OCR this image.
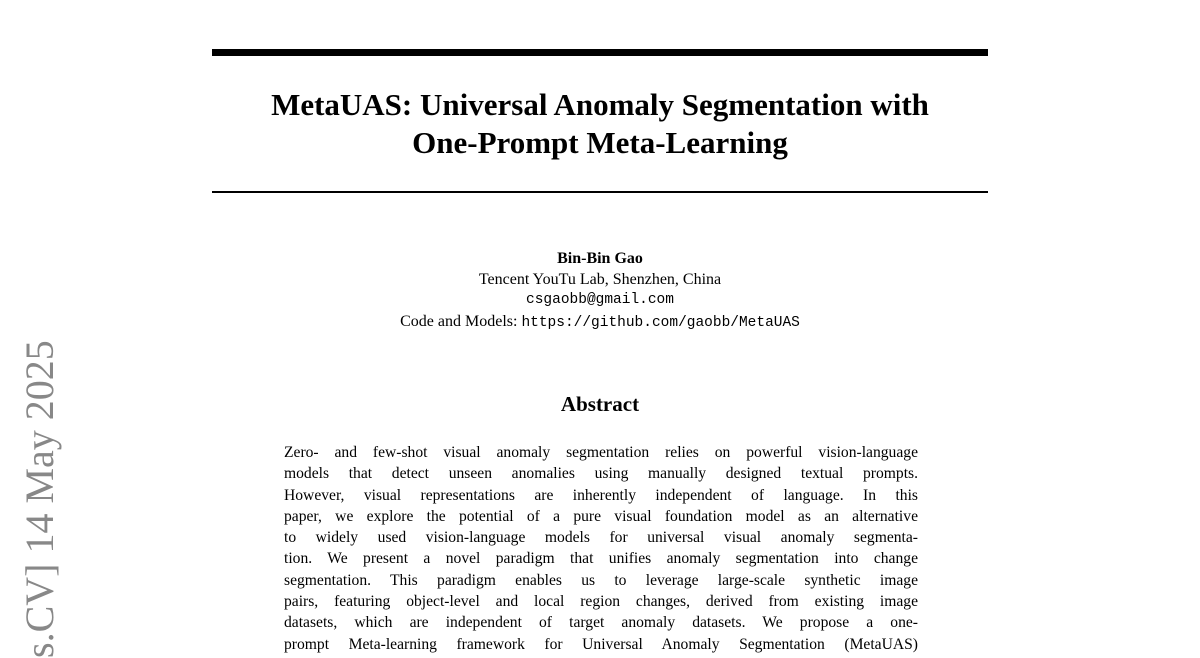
MetaUAS: Universal Anomaly Segmentation with
One-Prompt Meta-Learning
Bin-Bin Gao
Tencent YouTu Lab, Shenzhen, China
csgaobb@gmail.com
Code and Models: https://github.com/gaobb/MetaUAS
Abstract
Zero- and few-shot visual anomaly segmentation relies on powerful vision-language
models that detect unseen anomalies using manually designed textual prompts.
However, visual representations are inherently independent of language. In this
paper, we explore the potential of a pure visual foundation model as an alternative
to widely used vision-language models for universal visual anomaly segmenta-
tion. We present a novel paradigm that unifies anomaly segmentation into change
segmentation. This paradigm enables us to leverage large-scale synthetic image
pairs, featuring object-level and local region changes, derived from existing image
datasets, which are independent of target anomaly datasets. We propose a one-
prompt Meta-learning framework for Universal Anomaly Segmentation (MetaUAS)
s.CV] 14 May 2025
